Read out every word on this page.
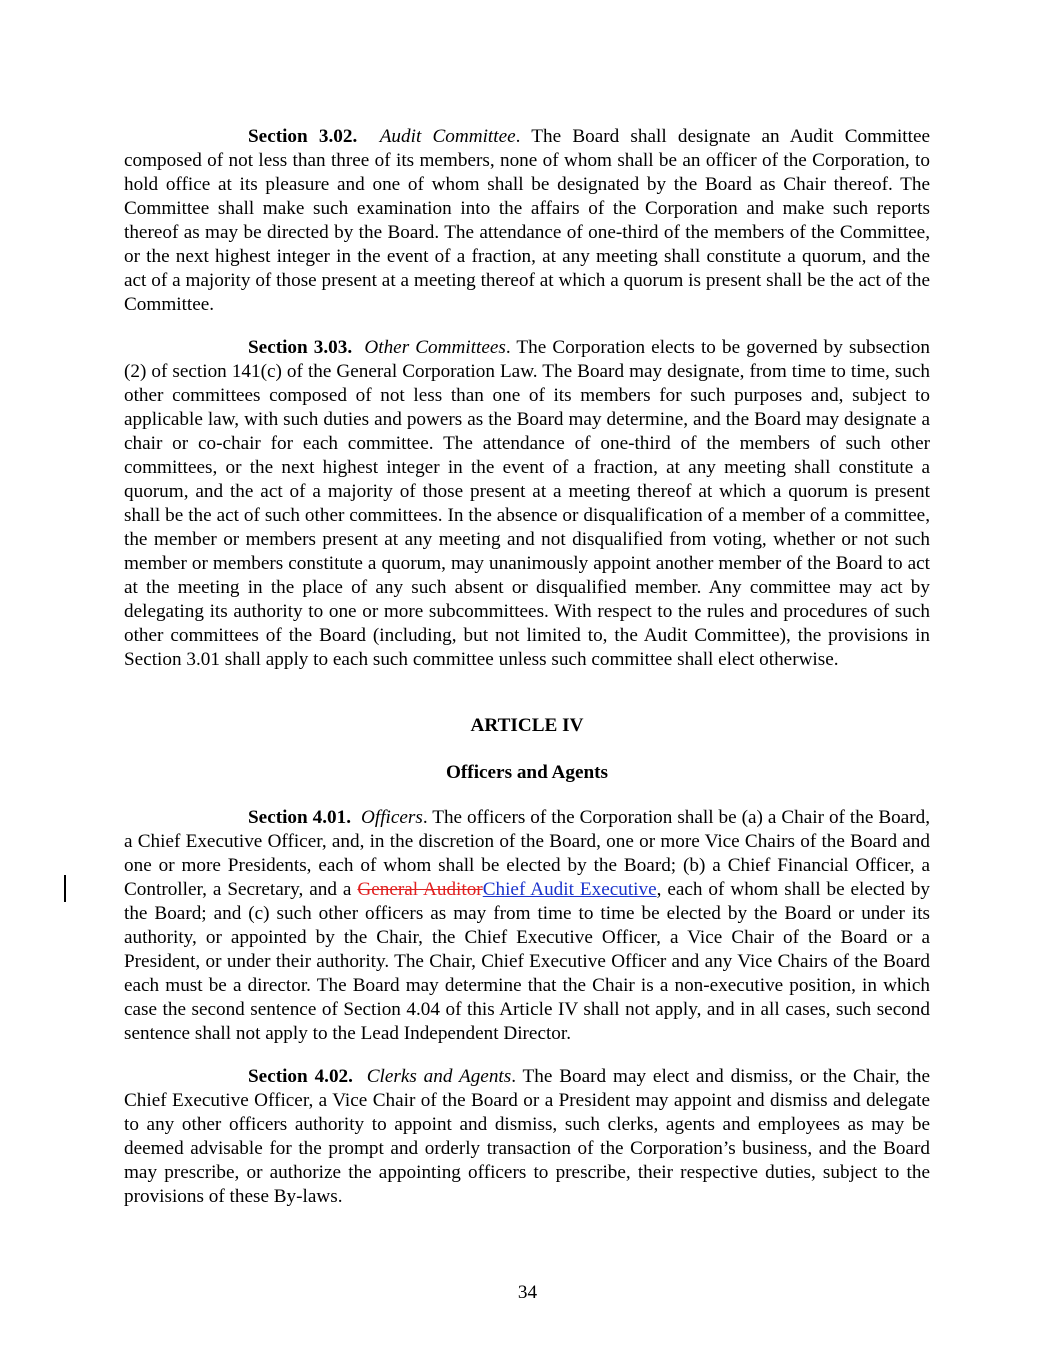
Section 3.02. Audit Committee. The Board shall designate an Audit Committee composed of not less than three of its members, none of whom shall be an officer of the Corporation, to hold office at its pleasure and one of whom shall be designated by the Board as Chair thereof. The Committee shall make such examination into the affairs of the Corporation and make such reports thereof as may be directed by the Board. The attendance of one-third of the members of the Committee, or the next highest integer in the event of a fraction, at any meeting shall constitute a quorum, and the act of a majority of those present at a meeting thereof at which a quorum is present shall be the act of the Committee.

Section 3.03. Other Committees. The Corporation elects to be governed by subsection (2) of section 141(c) of the General Corporation Law. The Board may designate, from time to time, such other committees composed of not less than one of its members for such purposes and, subject to applicable law, with such duties and powers as the Board may determine, and the Board may designate a chair or co-chair for each committee. The attendance of one-third of the members of such other committees, or the next highest integer in the event of a fraction, at any meeting shall constitute a quorum, and the act of a majority of those present at a meeting thereof at which a quorum is present shall be the act of such other committees. In the absence or disqualification of a member of a committee, the member or members present at any meeting and not disqualified from voting, whether or not such member or members constitute a quorum, may unanimously appoint another member of the Board to act at the meeting in the place of any such absent or disqualified member. Any committee may act by delegating its authority to one or more subcommittees. With respect to the rules and procedures of such other committees of the Board (including, but not limited to, the Audit Committee), the provisions in Section 3.01 shall apply to each such committee unless such committee shall elect otherwise.

ARTICLE IV

Officers and Agents

Section 4.01. Officers. The officers of the Corporation shall be (a) a Chair of the Board, a Chief Executive Officer, and, in the discretion of the Board, one or more Vice Chairs of the Board and one or more Presidents, each of whom shall be elected by the Board; (b) a Chief Financial Officer, a Controller, a Secretary, and a General AuditorChief Audit Executive, each of whom shall be elected by the Board; and (c) such other officers as may from time to time be elected by the Board or under its authority, or appointed by the Chair, the Chief Executive Officer, a Vice Chair of the Board or a President, or under their authority. The Chair, Chief Executive Officer and any Vice Chairs of the Board each must be a director. The Board may determine that the Chair is a non-executive position, in which case the second sentence of Section 4.04 of this Article IV shall not apply, and in all cases, such second sentence shall not apply to the Lead Independent Director.

Section 4.02. Clerks and Agents. The Board may elect and dismiss, or the Chair, the Chief Executive Officer, a Vice Chair of the Board or a President may appoint and dismiss and delegate to any other officers authority to appoint and dismiss, such clerks, agents and employees as may be deemed advisable for the prompt and orderly transaction of the Corporation’s business, and the Board may prescribe, or authorize the appointing officers to prescribe, their respective duties, subject to the provisions of these By-laws.

34
